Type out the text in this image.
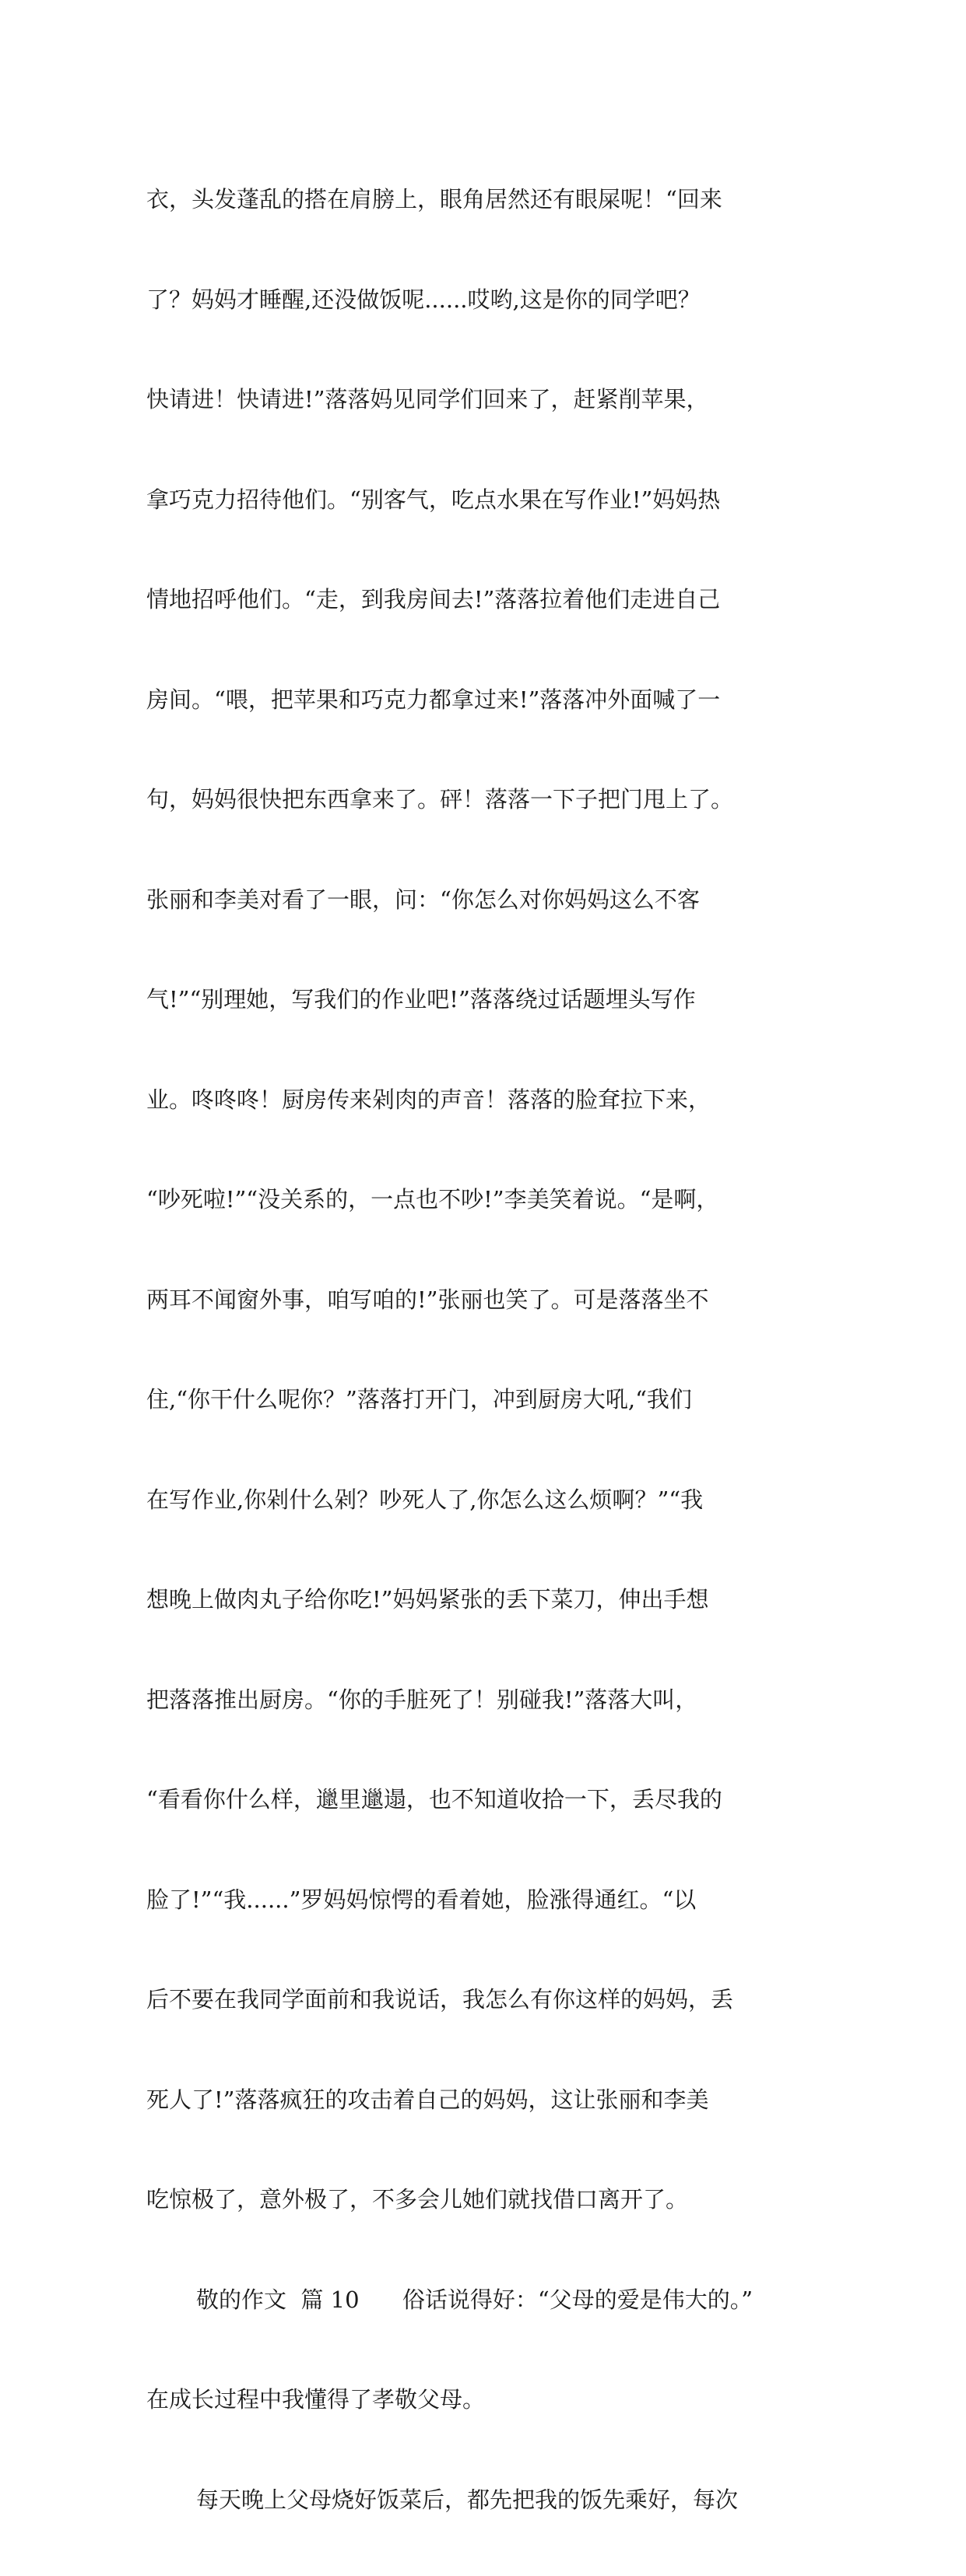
衣，头发蓬乱的搭在肩膀上，眼角居然还有眼屎呢！“回来

了？妈妈才睡醒,还没做饭呢......哎哟,这是你的同学吧？

快请进！快请进!”落落妈见同学们回来了，赶紧削苹果，

拿巧克力招待他们。“别客气，吃点水果在写作业!”妈妈热

情地招呼他们。“走，到我房间去!”落落拉着他们走进自己

房间。“喂，把苹果和巧克力都拿过来!”落落冲外面喊了一

句，妈妈很快把东西拿来了。砰！落落一下子把门甩上了。

张丽和李美对看了一眼，问：“你怎么对你妈妈这么不客

气!”“别理她，写我们的作业吧!”落落绕过话题埋头写作

业。咚咚咚！厨房传来剁肉的声音！落落的脸耷拉下来，

“吵死啦!”“没关系的，一点也不吵!”李美笑着说。“是啊，

两耳不闻窗外事，咱写咱的!”张丽也笑了。可是落落坐不

住,“你干什么呢你？”落落打开门，冲到厨房大吼,“我们

在写作业,你剁什么剁？吵死人了,你怎么这么烦啊？”“我

想晚上做肉丸子给你吃!”妈妈紧张的丢下菜刀，伸出手想

把落落推出厨房。“你的手脏死了！别碰我!”落落大叫，

“看看你什么样，邋里邋遢，也不知道收拾一下，丢尽我的

脸了!”“我......”罗妈妈惊愕的看着她，脸涨得通红。“以

后不要在我同学面前和我说话，我怎么有你这样的妈妈，丢

死人了!”落落疯狂的攻击着自己的妈妈，这让张丽和李美

吃惊极了，意外极了，不多会儿她们就找借口离开了。

敬的作文  篇 10      俗话说得好：“父母的爱是伟大的。”

在成长过程中我懂得了孝敬父母。

每天晚上父母烧好饭菜后，都先把我的饭先乘好，每次
